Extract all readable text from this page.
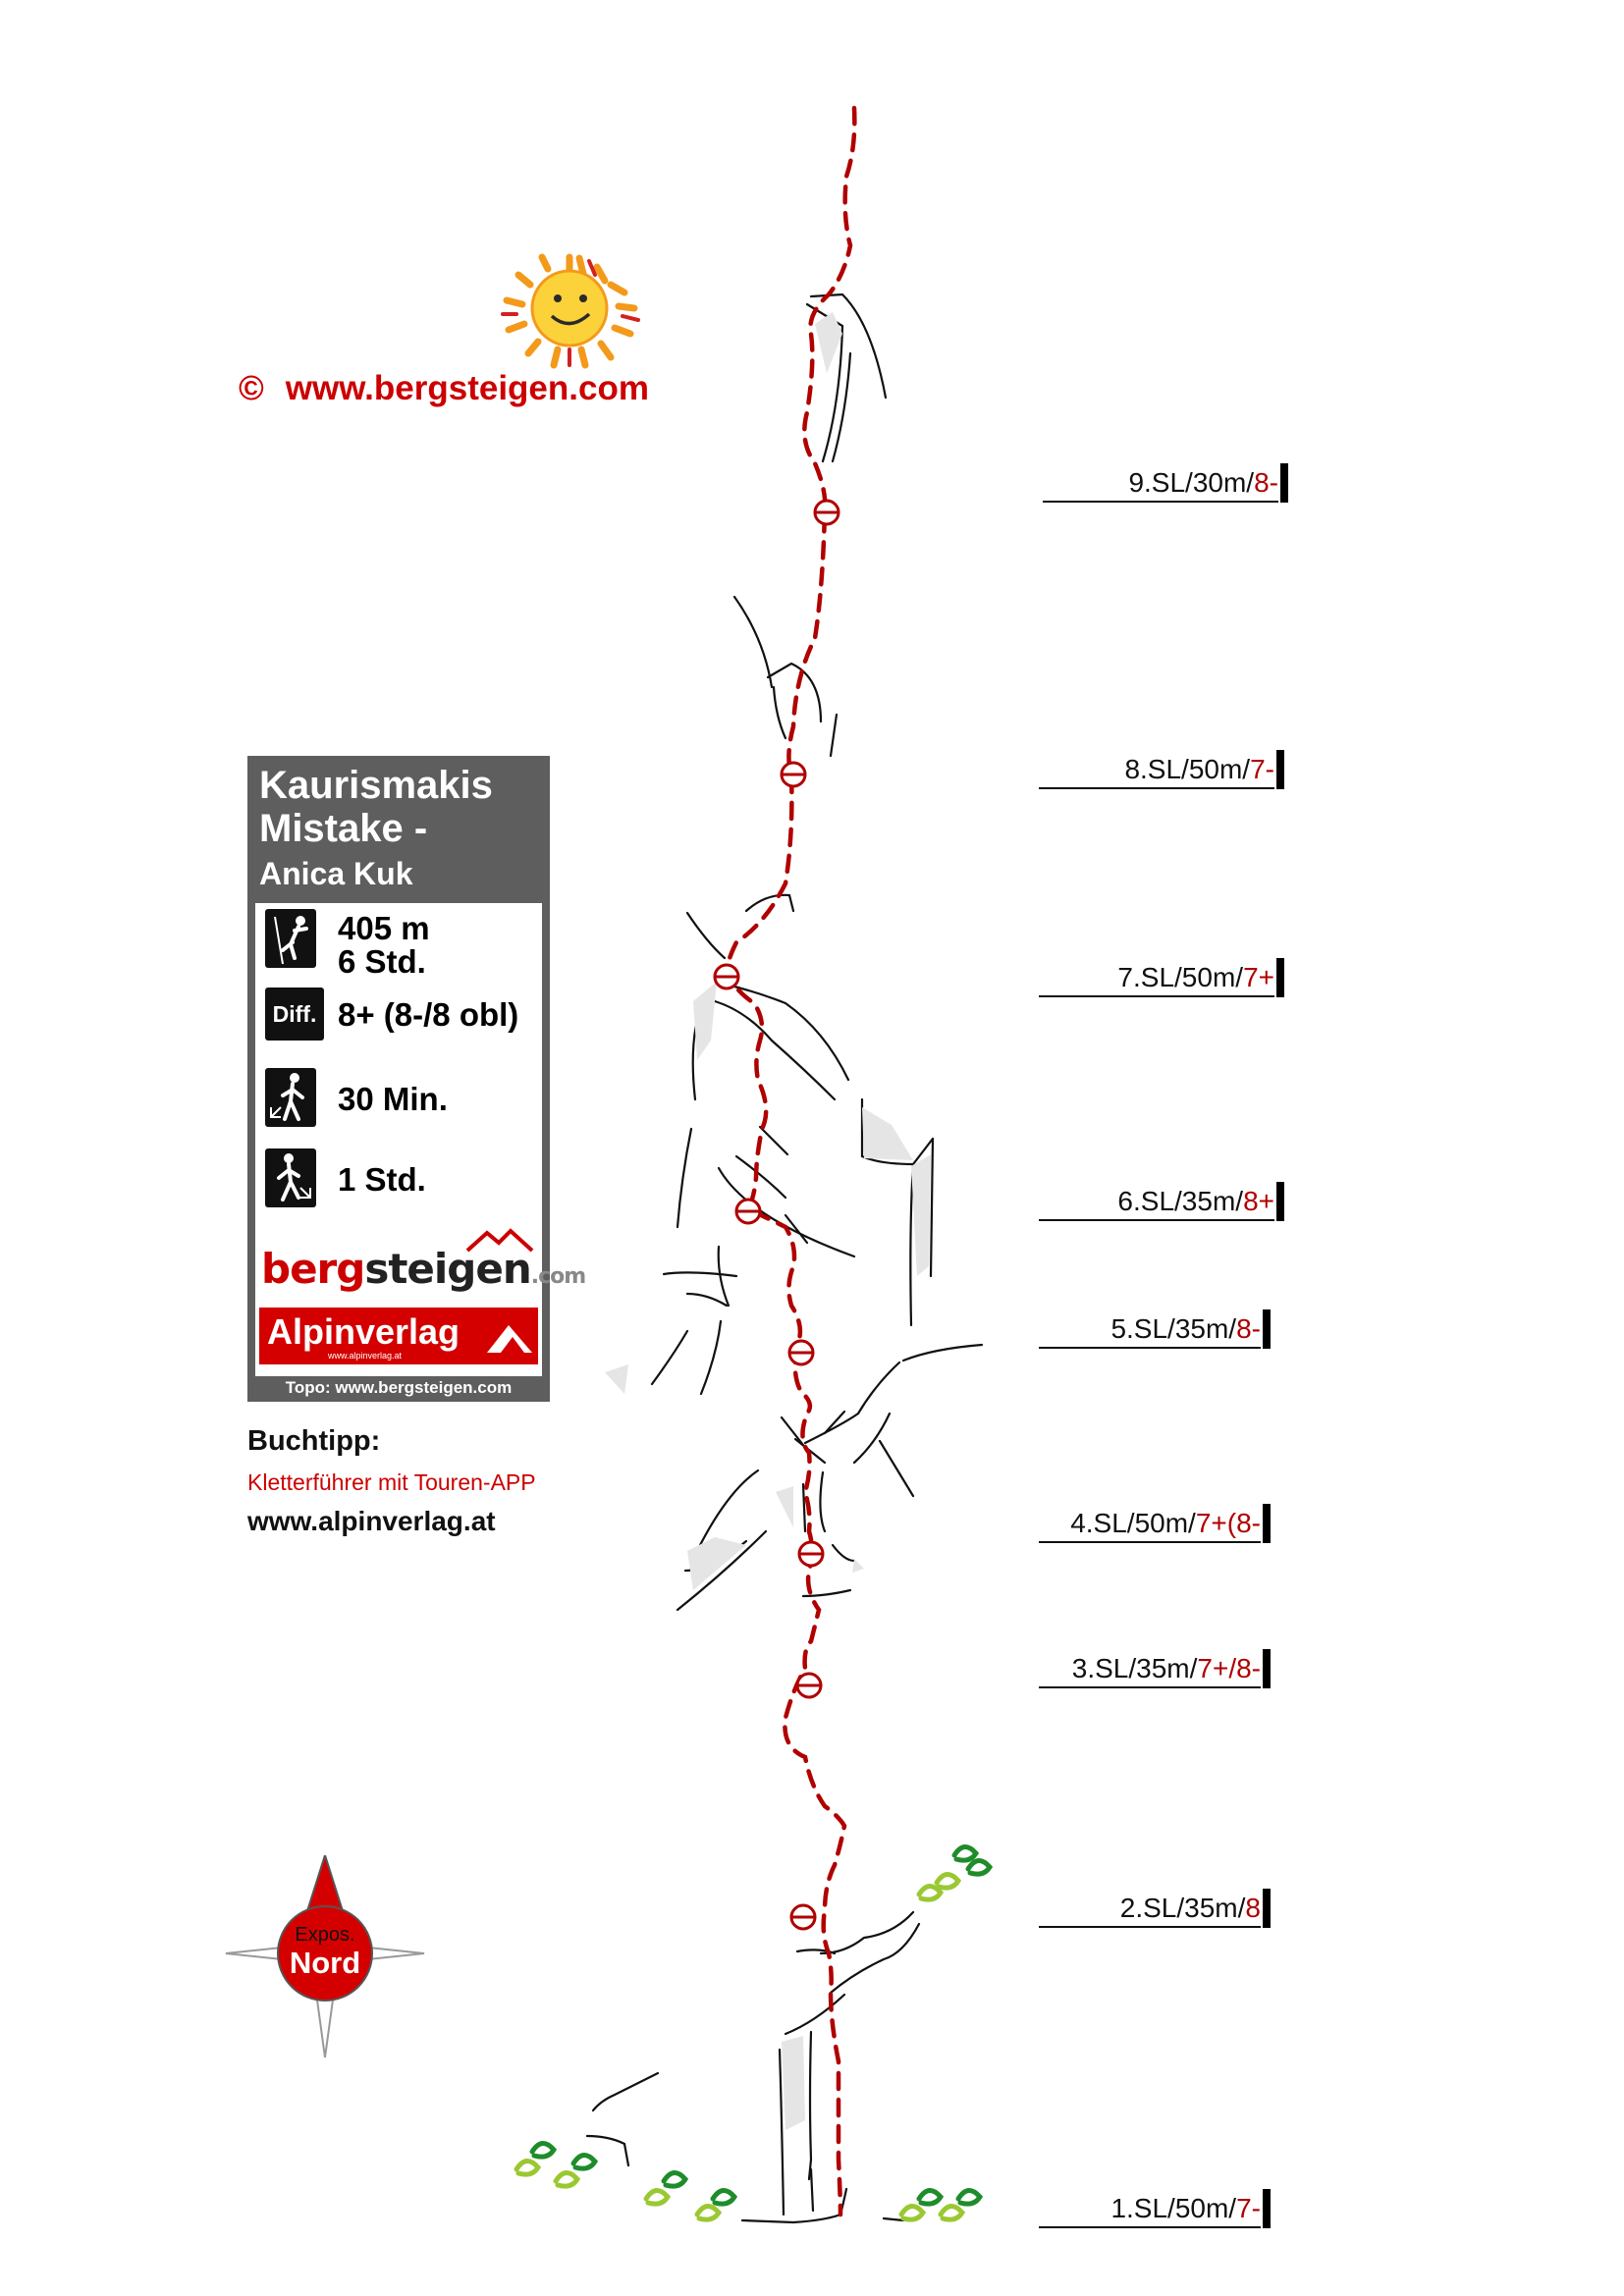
© www.bergsteigen.com
Kaurismakis Mistake -
Anica Kuk
405 m
6 Std.
Diff. 8+ (8-/8 obl)
30 Min.
1 Std.
bergsteigen.com
Alpinverlag
www.alpinverlag.at
Topo: www.bergsteigen.com
Buchtipp:
Kletterführer mit Touren-APP
www.alpinverlag.at
9.SL/30m/8-
8.SL/50m/7-
7.SL/50m/7+
6.SL/35m/8+
5.SL/35m/8-
4.SL/50m/7+(8-
3.SL/35m/7+/8-
2.SL/35m/8
1.SL/50m/7-
Expos.
Nord
